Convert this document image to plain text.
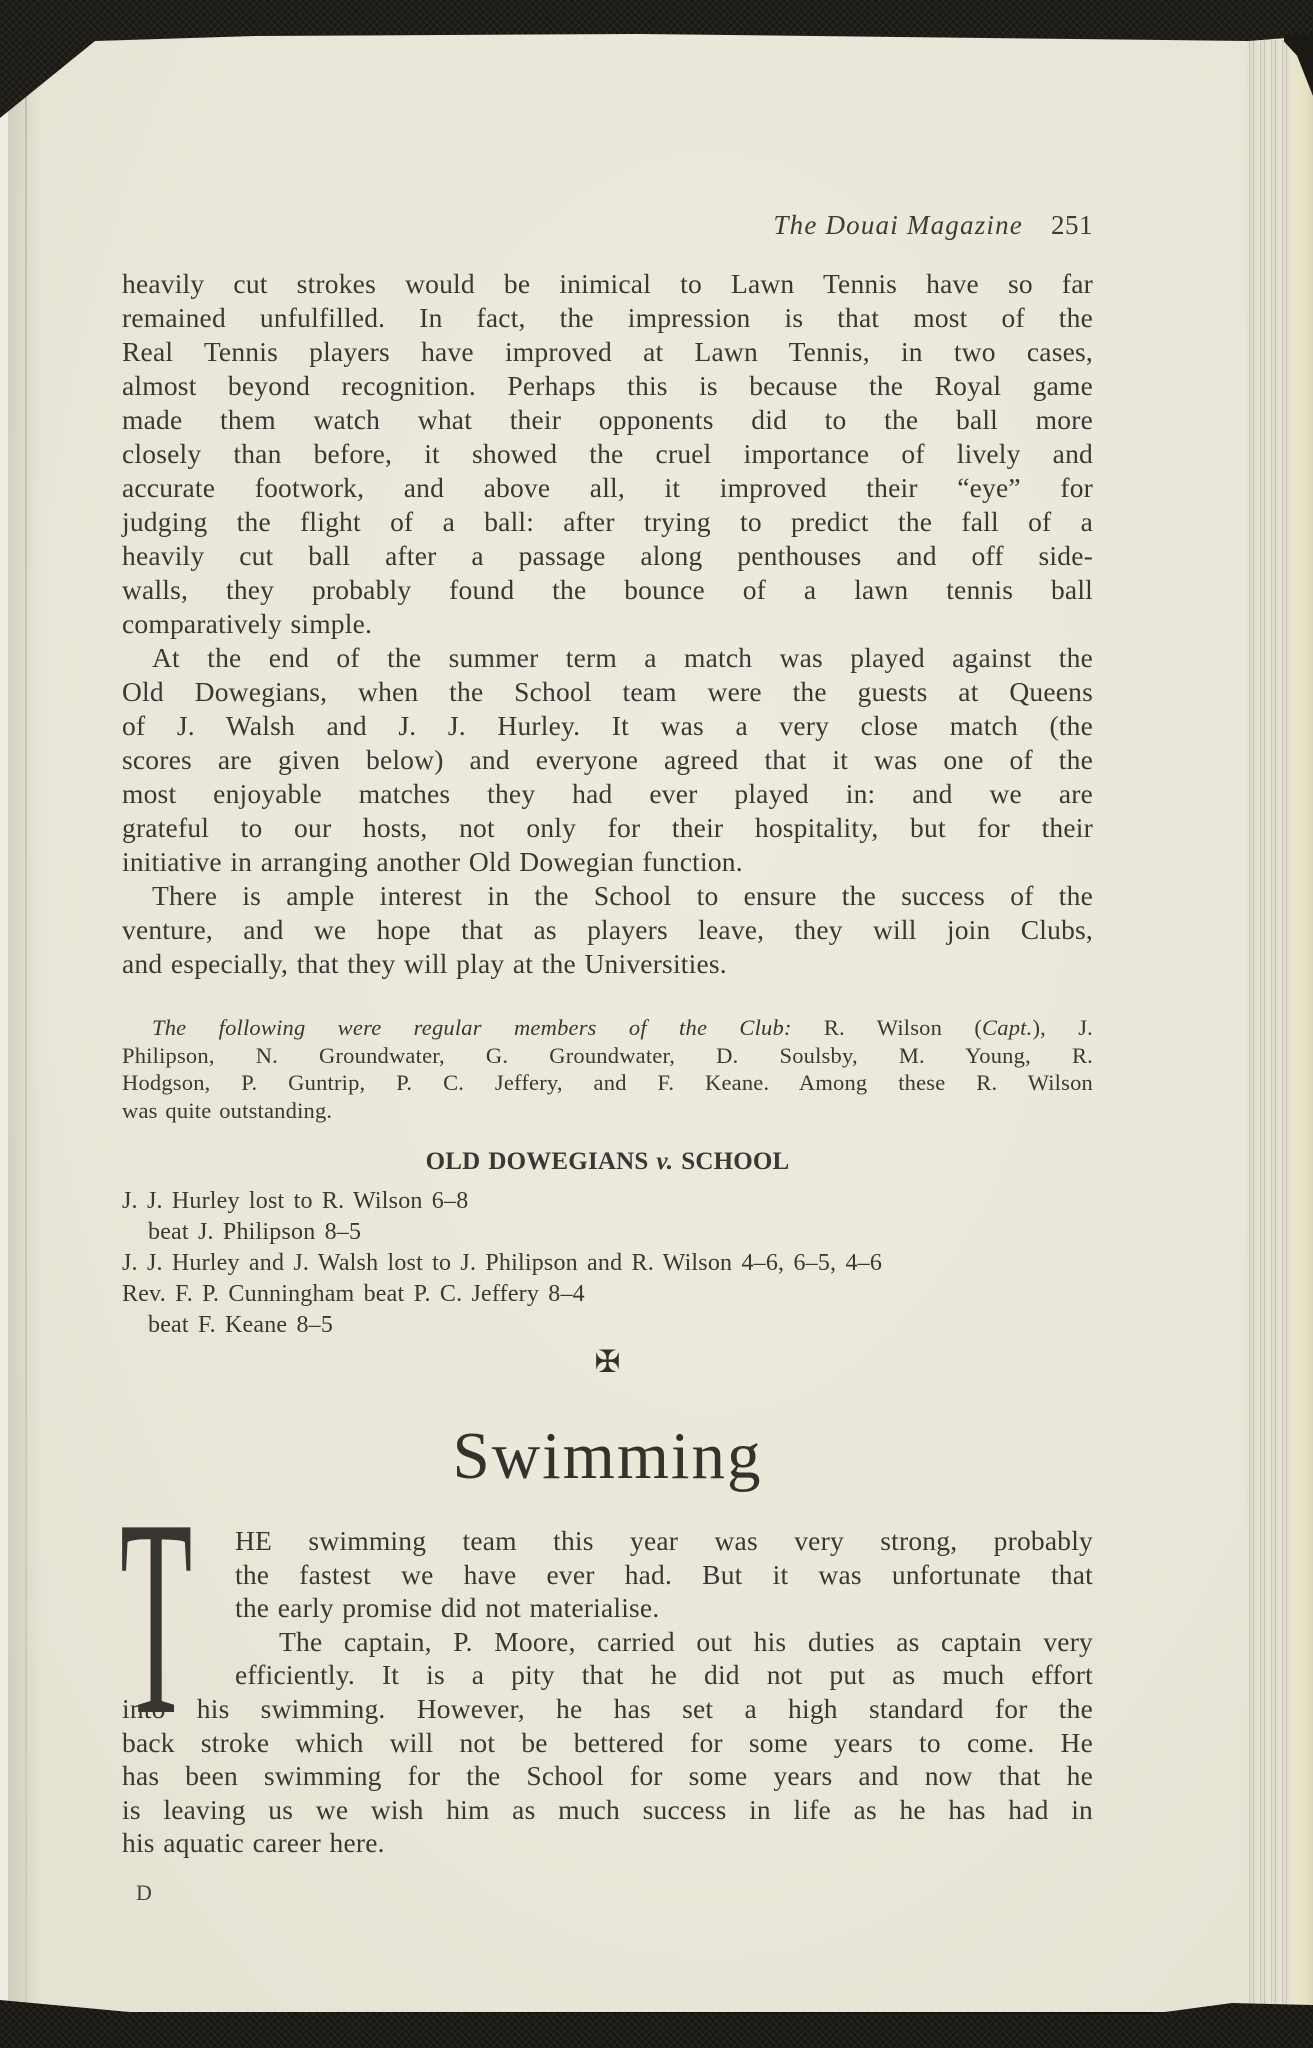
The Douai Magazine 251
heavily cut strokes would be inimical to Lawn Tennis have so far
remained unfulfilled. In fact, the impression is that most of the
Real Tennis players have improved at Lawn Tennis, in two cases,
almost beyond recognition. Perhaps this is because the Royal game
made them watch what their opponents did to the ball more
closely than before, it showed the cruel importance of lively and
accurate footwork, and above all, it improved their “eye” for
judging the flight of a ball: after trying to predict the fall of a
heavily cut ball after a passage along penthouses and off side-
walls, they probably found the bounce of a lawn tennis ball
comparatively simple.
At the end of the summer term a match was played against the
Old Dowegians, when the School team were the guests at Queens
of J. Walsh and J. J. Hurley. It was a very close match (the
scores are given below) and everyone agreed that it was one of the
most enjoyable matches they had ever played in: and we are
grateful to our hosts, not only for their hospitality, but for their
initiative in arranging another Old Dowegian function.
There is ample interest in the School to ensure the success of the
venture, and we hope that as players leave, they will join Clubs,
and especially, that they will play at the Universities.
The following were regular members of the Club: R. Wilson (Capt.), J.
Philipson, N. Groundwater, G. Groundwater, D. Soulsby, M. Young, R.
Hodgson, P. Guntrip, P. C. Jeffery, and F. Keane. Among these R. Wilson
was quite outstanding.
OLD DOWEGIANS v. SCHOOL
J. J. Hurley lost to R. Wilson 6–8
beat J. Philipson 8–5
J. J. Hurley and J. Walsh lost to J. Philipson and R. Wilson 4–6, 6–5, 4–6
Rev. F. P. Cunningham beat P. C. Jeffery 8–4
beat F. Keane 8–5
✠
Swimming
T	HE swimming team this year was very strong, probably
the fastest we have ever had. But it was unfortunate that
the early promise did not materialise.
The captain, P. Moore, carried out his duties as captain very
efficiently. It is a pity that he did not put as much effort
into his swimming. However, he has set a high standard for the
back stroke which will not be bettered for some years to come. He
has been swimming for the School for some years and now that he
is leaving us we wish him as much success in life as he has had in
his aquatic career here.
D
